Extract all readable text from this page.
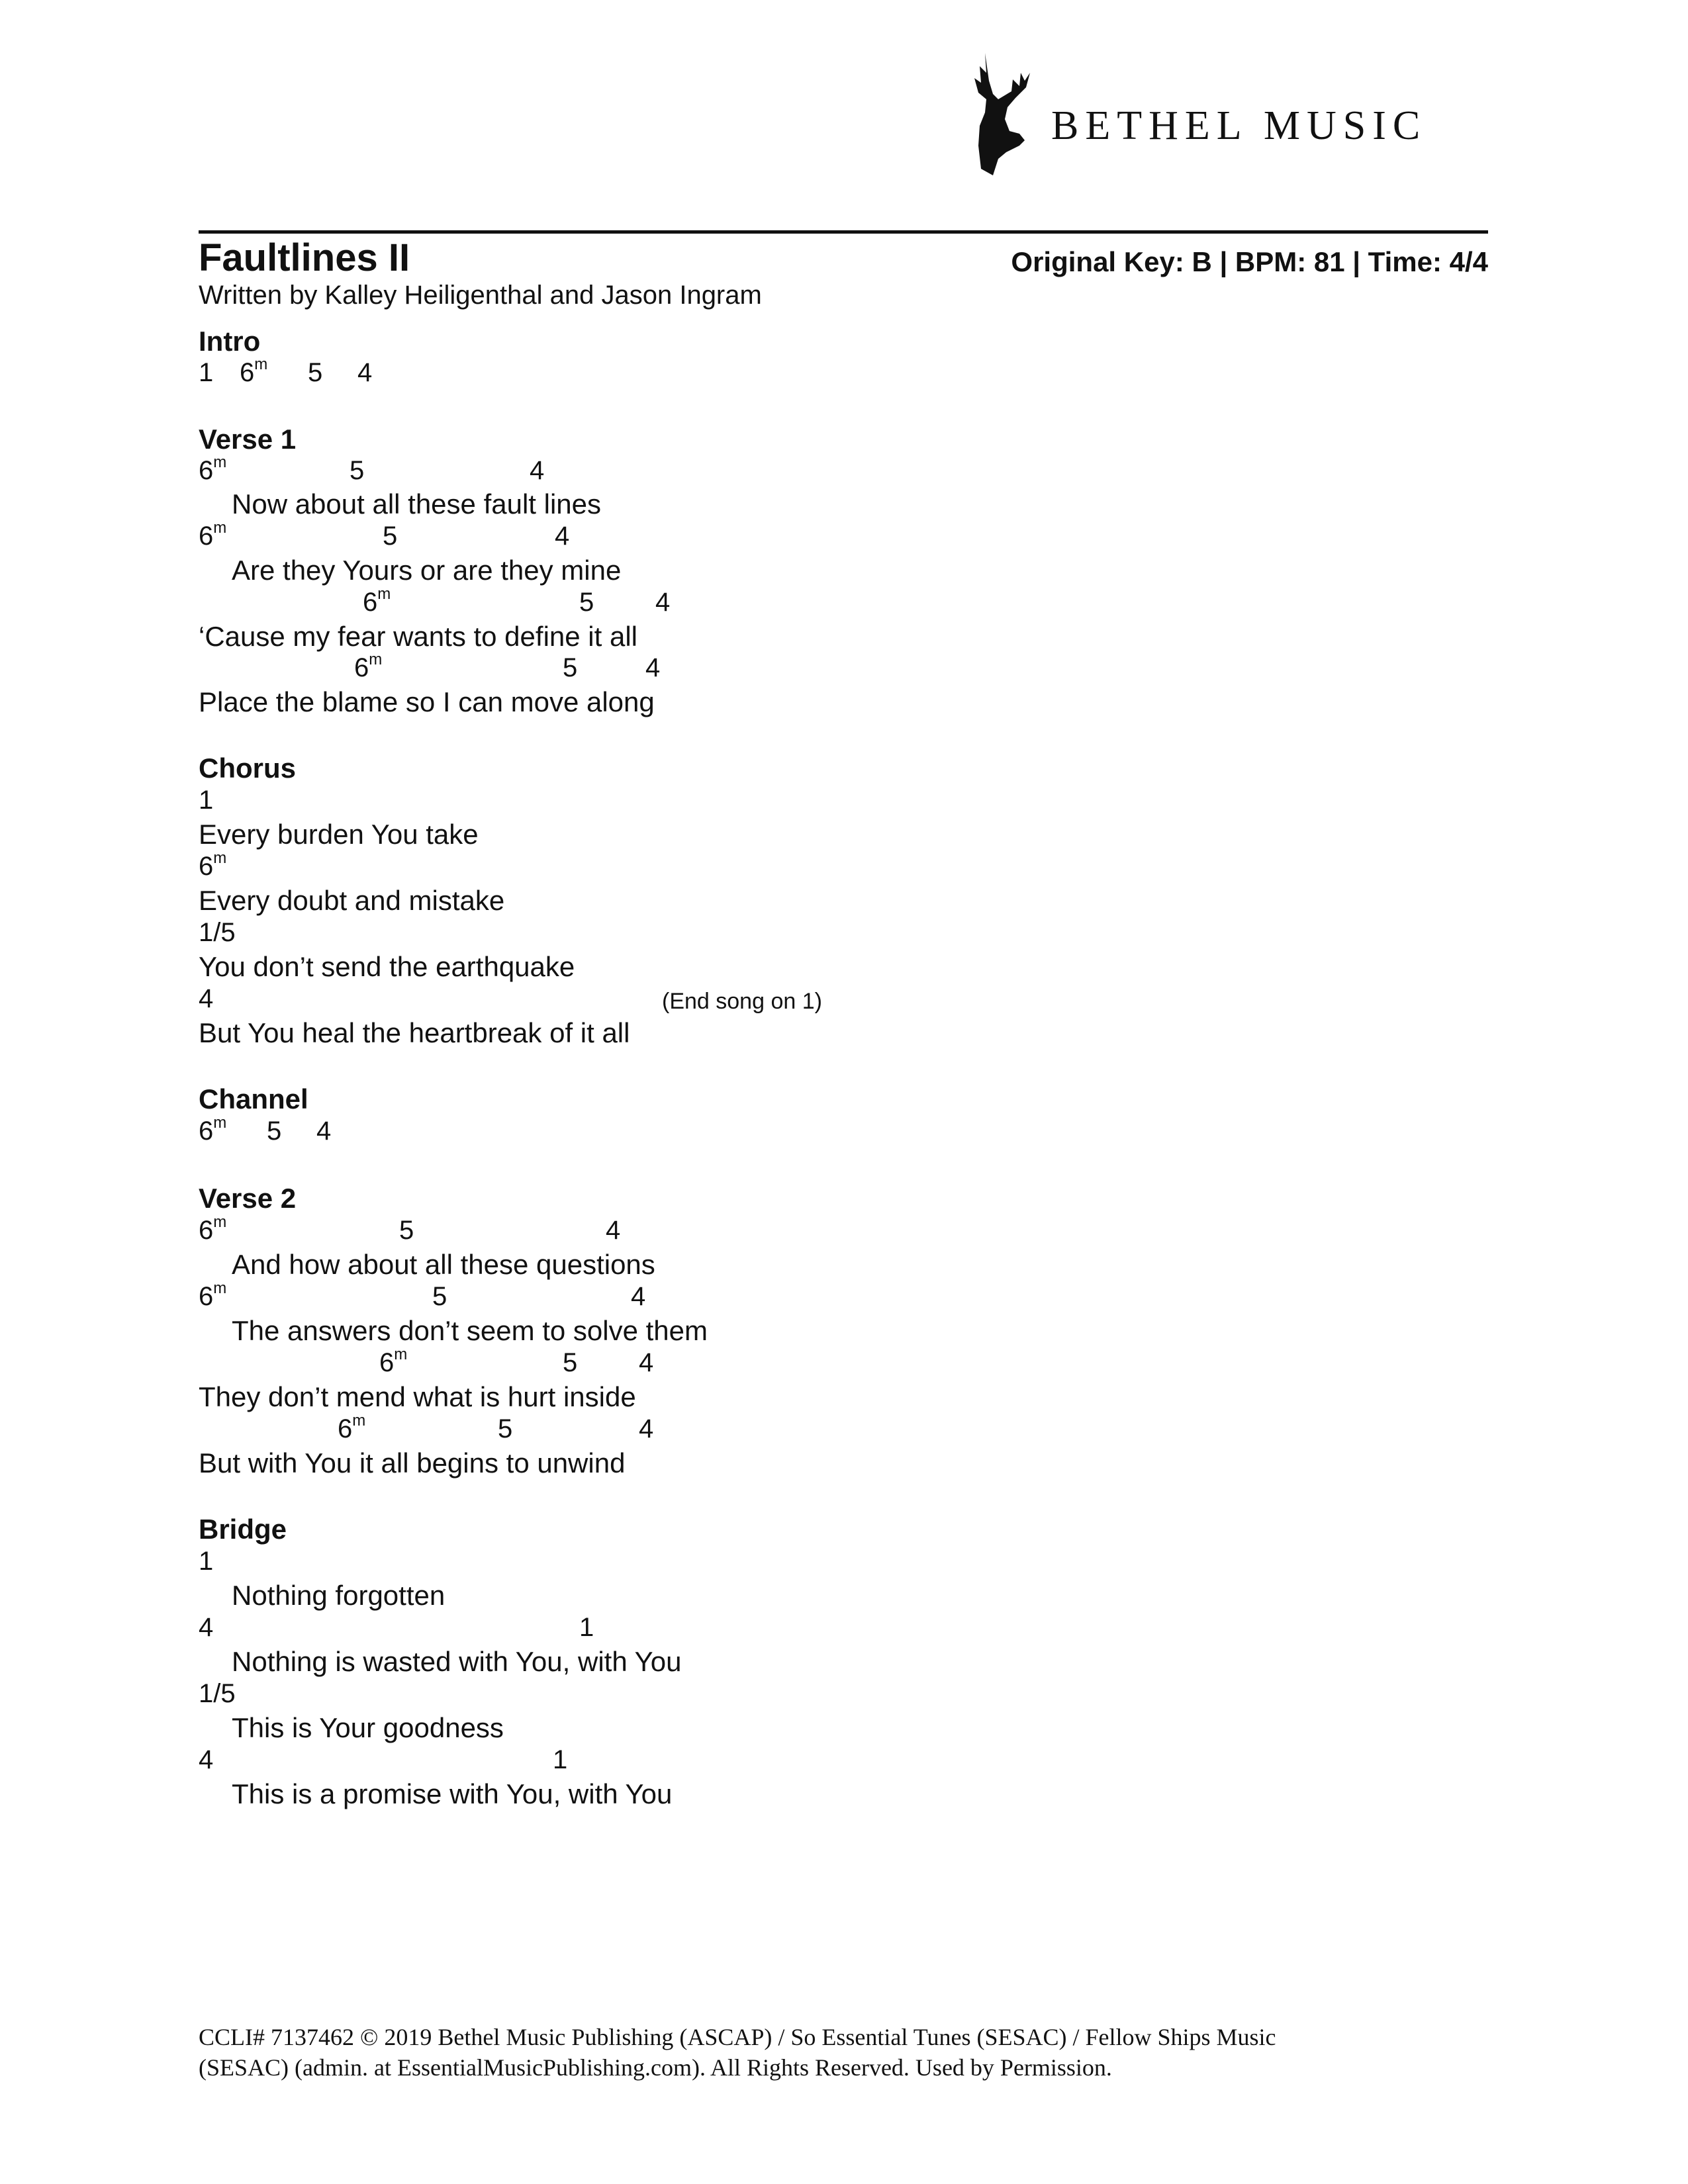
BETHEL MUSIC
Faultlines II	Original Key: B | BPM: 81 | Time: 4/4
Written by Kalley Heiligenthal and Jason Ingram
Intro
1 6$^m$ 5 4
Verse 1
6$^m$	5	4
Now about all these fault lines
6$^m$	5	4
Are they Yours or are they mine
6$^m$	5 4
‘Cause my fear wants to define it all
6$^m$	5	4
Place the blame so I can move along
Chorus
1
Every burden You take
6$^m$
Every doubt and mistake
1/5
You don’t send the earthquake
4	(End song on 1)
But You heal the heartbreak of it all
Channel
6$^m$ 5 4
Verse 2
6$^m$	5	4
And how about all these questions
6$^m$	5	4
The answers don’t seem to solve them
6$^m$	5 4
They don’t mend what is hurt inside
6$^m$	5	4
But with You it all begins to unwind
Bridge
1
Nothing forgotten
4	1
Nothing is wasted with You, with You
1/5
This is Your goodness
4	1
This is a promise with You, with You
CCLI# 7137462 © 2019 Bethel Music Publishing (ASCAP) / So Essential Tunes (SESAC) / Fellow Ships Music
(SESAC) (admin. at EssentialMusicPublishing.com). All Rights Reserved. Used by Permission.
